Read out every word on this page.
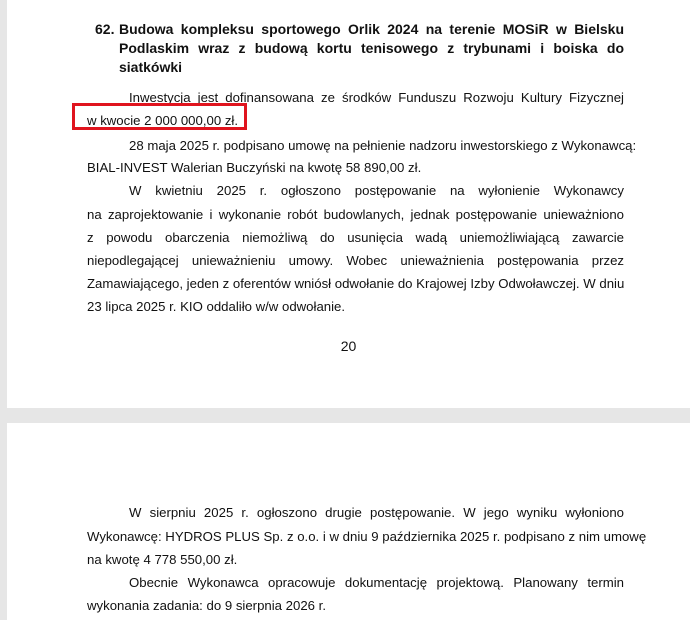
62. Budowa kompleksu sportowego Orlik 2024 na terenie MOSiR w Bielsku Podlaskim wraz z budową kortu tenisowego z trybunami i boiska do siatkówki
Inwestycja jest dofinansowana ze środków Funduszu Rozwoju Kultury Fizycznej
w kwocie 2 000 000,00 zł.
28 maja 2025 r. podpisano umowę na pełnienie nadzoru inwestorskiego z Wykonawcą:
BIAL-INVEST Walerian Buczyński na kwotę 58 890,00 zł.
W kwietniu 2025 r. ogłoszono postępowanie na wyłonienie Wykonawcy
na zaprojektowanie i wykonanie robót budowlanych, jednak postępowanie unieważniono
z powodu obarczenia niemożliwą do usunięcia wadą uniemożliwiającą zawarcie
niepodlegającej unieważnieniu umowy. Wobec unieważnienia postępowania przez
Zamawiającego, jeden z oferentów wniósł odwołanie do Krajowej Izby Odwoławczej. W dniu
23 lipca 2025 r. KIO oddaliło w/w odwołanie.
20
W sierpniu 2025 r. ogłoszono drugie postępowanie. W jego wyniku wyłoniono
Wykonawcę: HYDROS PLUS Sp. z o.o. i w dniu 9 października 2025 r. podpisano z nim umowę
na kwotę 4 778 550,00 zł.
Obecnie Wykonawca opracowuje dokumentację projektową. Planowany termin
wykonania zadania: do 9 sierpnia 2026 r.
